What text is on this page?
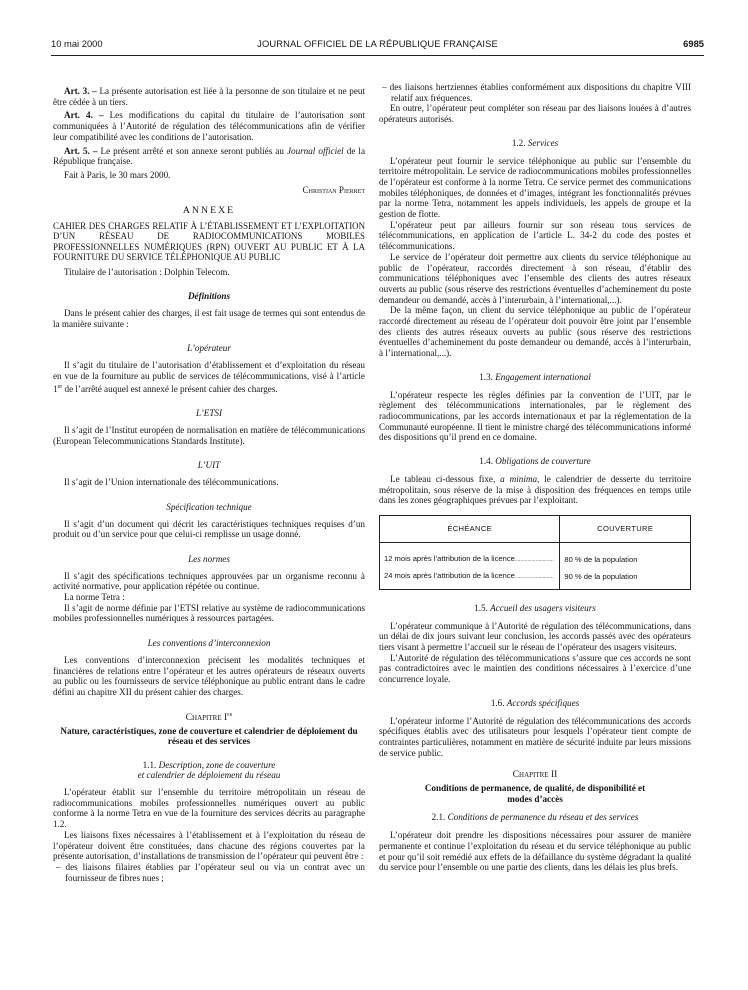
10 mai 2000	JOURNAL OFFICIEL DE LA RÉPUBLIQUE FRANÇAISE	6985

Art. 3. – La présente autorisation est liée à la personne de son titulaire et ne peut être cédée à un tiers.

Art. 4. – Les modifications du capital du titulaire de l’autorisation sont communiquées à l’Autorité de régulation des télécommunications afin de vérifier leur compatibilité avec les conditions de l’autorisation.

Art. 5. – Le présent arrêté et son annexe seront publiés au Journal officiel de la République française.

Fait à Paris, le 30 mars 2000.

Christian Pierret

ANNEXE

CAHIER DES CHARGES RELATIF À L’ÉTABLISSEMENT ET L’EXPLOITATION D’UN RÉSEAU DE RADIOCOMMUNICATIONS MOBILES PROFESSIONNELLES NUMÉRIQUES (RPN) OUVERT AU PUBLIC ET À LA FOURNITURE DU SERVICE TÉLÉPHONIQUE AU PUBLIC

Titulaire de l’autorisation : Dolphin Telecom.

Définitions

Dans le présent cahier des charges, il est fait usage de termes qui sont entendus de la manière suivante :

L’opérateur

Il s’agit du titulaire de l’autorisation d’établissement et d’exploitation du réseau en vue de la fourniture au public de services de télécommunications, visé à l’article 1er de l’arrêté auquel est annexé le présent cahier des charges.

L’ETSI

Il s’agit de l’Institut européen de normalisation en matière de télécommunications (European Telecommunications Standards Institute).

L’UIT

Il s’agit de l’Union internationale des télécommunications.

Spécification technique

Il s’agit d’un document qui décrit les caractéristiques techniques requises d’un produit ou d’un service pour que celui-ci remplisse un usage donné.

Les normes

Il s’agit des spécifications techniques approuvées par un organisme reconnu à activité normative, pour application répétée ou continue.

La norme Tetra :

Il s’agit de norme définie par l’ETSI relative au système de radiocommunications mobiles professionnelles numériques à ressources partagées.

Les conventions d’interconnexion

Les conventions d’interconnexion précisent les modalités techniques et financières de relations entre l’opérateur et les autres opérateurs de réseaux ouverts au public ou les fournisseurs de service téléphonique au public entrant dans le cadre défini au chapitre XII du présent cahier des charges.

Chapitre Ier
Nature, caractéristiques, zone de couverture et calendrier de déploiement du réseau et des services
1.1. Description, zone de couverture
et calendrier de déploiement du réseau

L’opérateur établit sur l’ensemble du territoire métropolitain un réseau de radiocommunications mobiles professionnelles numériques ouvert au public conforme à la norme Tetra en vue de la fourniture des services décrits au paragraphe 1.2.

Les liaisons fixes nécessaires à l’établissement et à l’exploitation du réseau de l’opérateur doivent être constituées, dans chacune des régions couvertes par la présente autorisation, d’installations de transmission de l’opérateur qui peuvent être :

– des liaisons filaires établies par l’opérateur seul ou via un contrat avec un fournisseur de fibres nues ;

– des liaisons hertziennes établies conformément aux dispositions du chapitre VIII relatif aux fréquences.

En outre, l’opérateur peut compléter son réseau par des liaisons louées à d’autres opérateurs autorisés.

1.2. Services

L’opérateur peut fournir le service téléphonique au public sur l’ensemble du territoire métropolitain. Le service de radiocommunications mobiles professionnelles de l’opérateur est conforme à la norme Tetra. Ce service permet des communications mobiles téléphoniques, de données et d’images, intégrant les fonctionnalités prévues par la norme Tetra, notamment les appels individuels, les appels de groupe et la gestion de flotte.

L’opérateur peut par ailleurs fournir sur son réseau tous services de télécommunications, en application de l’article L. 34-2 du code des postes et télécommunications.

Le service de l’opérateur doit permettre aux clients du service téléphonique au public de l’opérateur, raccordés directement à son réseau, d’établir des communications téléphoniques avec l’ensemble des clients des autres réseaux ouverts au public (sous réserve des restrictions éventuelles d’acheminement du poste demandeur ou demandé, accès à l’interurbain, à l’international,...).

De la même façon, un client du service téléphonique au public de l’opérateur raccordé directement au réseau de l’opérateur doit pouvoir être joint par l’ensemble des clients des autres réseaux ouverts au public (sous réserve des restrictions éventuelles d’acheminement du poste demandeur ou demandé, accès à l’interurbain, à l’international,...).

1.3. Engagement international

L’opérateur respecte les règles définies par la convention de l’UIT, par le règlement des télécommunications internationales, par le règlement des radiocommunications, par les accords internationaux et par la réglementation de la Communauté européenne. Il tient le ministre chargé des télécommunications informé des dispositions qu’il prend en ce domaine.

1.4. Obligations de couverture

Le tableau ci-dessous fixe, a minima, le calendrier de desserte du territoire métropolitain, sous réserve de la mise à disposition des fréquences en temps utile dans les zones géographiques prévues par l’exploitant.

ÉCHÉANCE	COUVERTURE
12 mois après l’attribution de la licence............................	80 % de la population
24 mois après l’attribution de la licence............................	90 % de la population
1.5. Accueil des usagers visiteurs

L’opérateur communique à l’Autorité de régulation des télécommunications, dans un délai de dix jours suivant leur conclusion, les accords passés avec des opérateurs tiers visant à permettre l’accueil sur le réseau de l’opérateur des usagers visiteurs.

L’Autorité de régulation des télécommunications s’assure que ces accords ne sont pas contradictoires avec le maintien des conditions nécessaires à l’exercice d’une concurrence loyale.

1.6. Accords spécifiques

L’opérateur informe l’Autorité de régulation des télécommunications des accords spécifiques établis avec des utilisateurs pour lesquels l’opérateur tient compte de contraintes particulières, notamment en matière de sécurité induite par leurs missions de service public.

Chapitre II
Conditions de permanence, de qualité, de disponibilité et modes d’accès
2.1. Conditions de permanence du réseau et des services

L’opérateur doit prendre les dispositions nécessaires pour assurer de manière permanente et continue l’exploitation du réseau et du service téléphonique au public et pour qu’il soit remédié aux effets de la défaillance du système dégradant la qualité du service pour l’ensemble ou une partie des clients, dans les délais les plus brefs.
